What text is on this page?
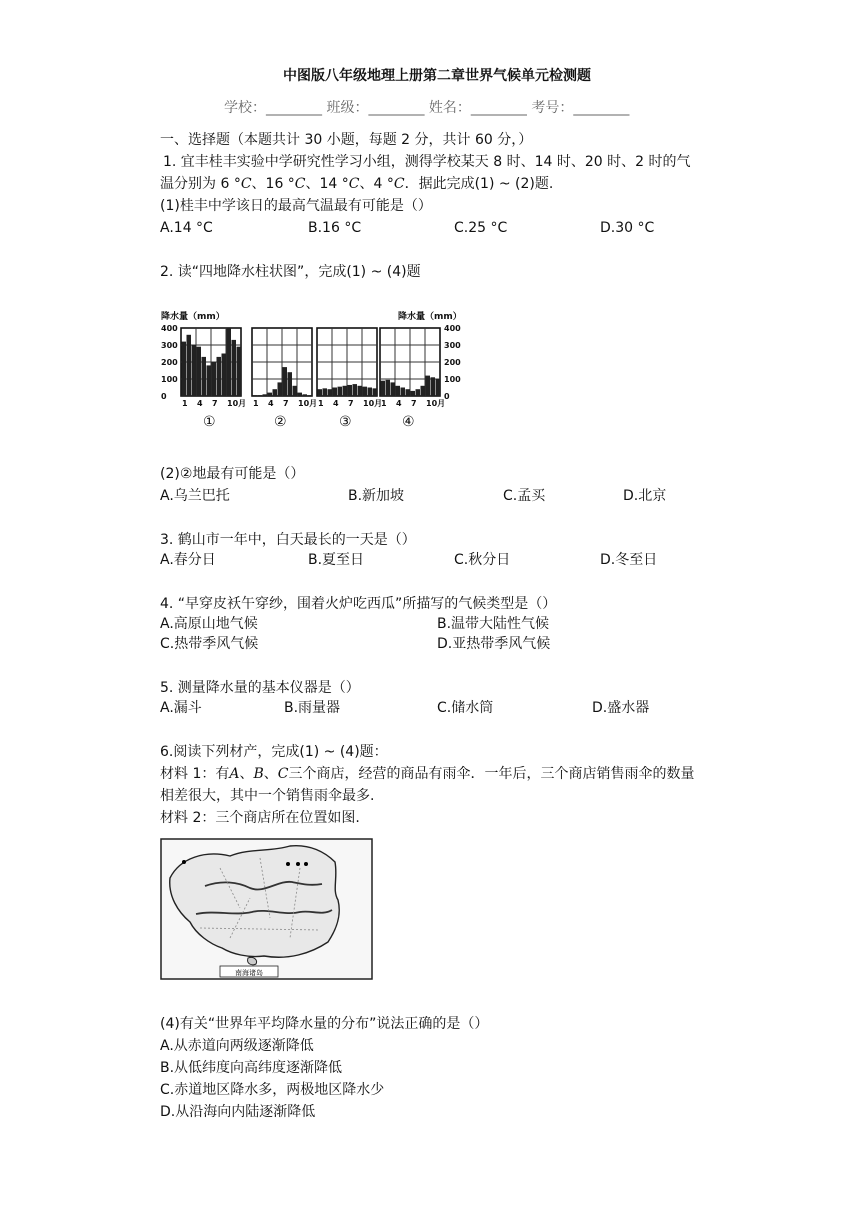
中图版八年级地理上册第二章世界气候单元检测题
学校：________ 班级：________ 姓名：________ 考号：________
一、选择题（本题共计 30 小题，每题 2 分，共计 60 分，）
1. 宜丰桂丰实验中学研究性学习小组，测得学校某天 8 时、14 时、20 时、2 时的气
温分别为 6 °C、16 °C、14 °C、4 °C．据此完成(1) ~ (2)题.
(1)桂丰中学该日的最高气温最有可能是（）
A.14 °C	B.16 °C	C.25 °C	D.30 °C
2. 读“四地降水柱状图”，完成(1) ~ (4)题
降水量（mm）	降水量（mm）
400	400
300	300
200	200
100	100
0	0
1 4 7 10月
①
1 4 7 10月
②
1 4 7 10月
③
1 4 7 10月
④
(2)②地最有可能是（）
A.乌兰巴托	B.新加坡	C.孟买	D.北京
3. 鹤山市一年中，白天最长的一天是（）
A.春分日	B.夏至日	C.秋分日	D.冬至日
4. “早穿皮袄午穿纱，围着火炉吃西瓜”所描写的气候类型是（）
A.高原山地气候	B.温带大陆性气候
C.热带季风气候	D.亚热带季风气候
5. 测量降水量的基本仪器是（）
A.漏斗	B.雨量器	C.储水筒	D.盛水器
6.阅读下列材产，完成(1) ~ (4)题：
材料 1：有A、B、C三个商店，经营的商品有雨伞．一年后，三个商店销售雨伞的数量
相差很大，其中一个销售雨伞最多.
材料 2：三个商店所在位置如图.
南海诸岛
(4)有关“世界年平均降水量的分布”说法正确的是（）
A.从赤道向两级逐渐降低
B.从低纬度向高纬度逐渐降低
C.赤道地区降水多，两极地区降水少
D.从沿海向内陆逐渐降低
